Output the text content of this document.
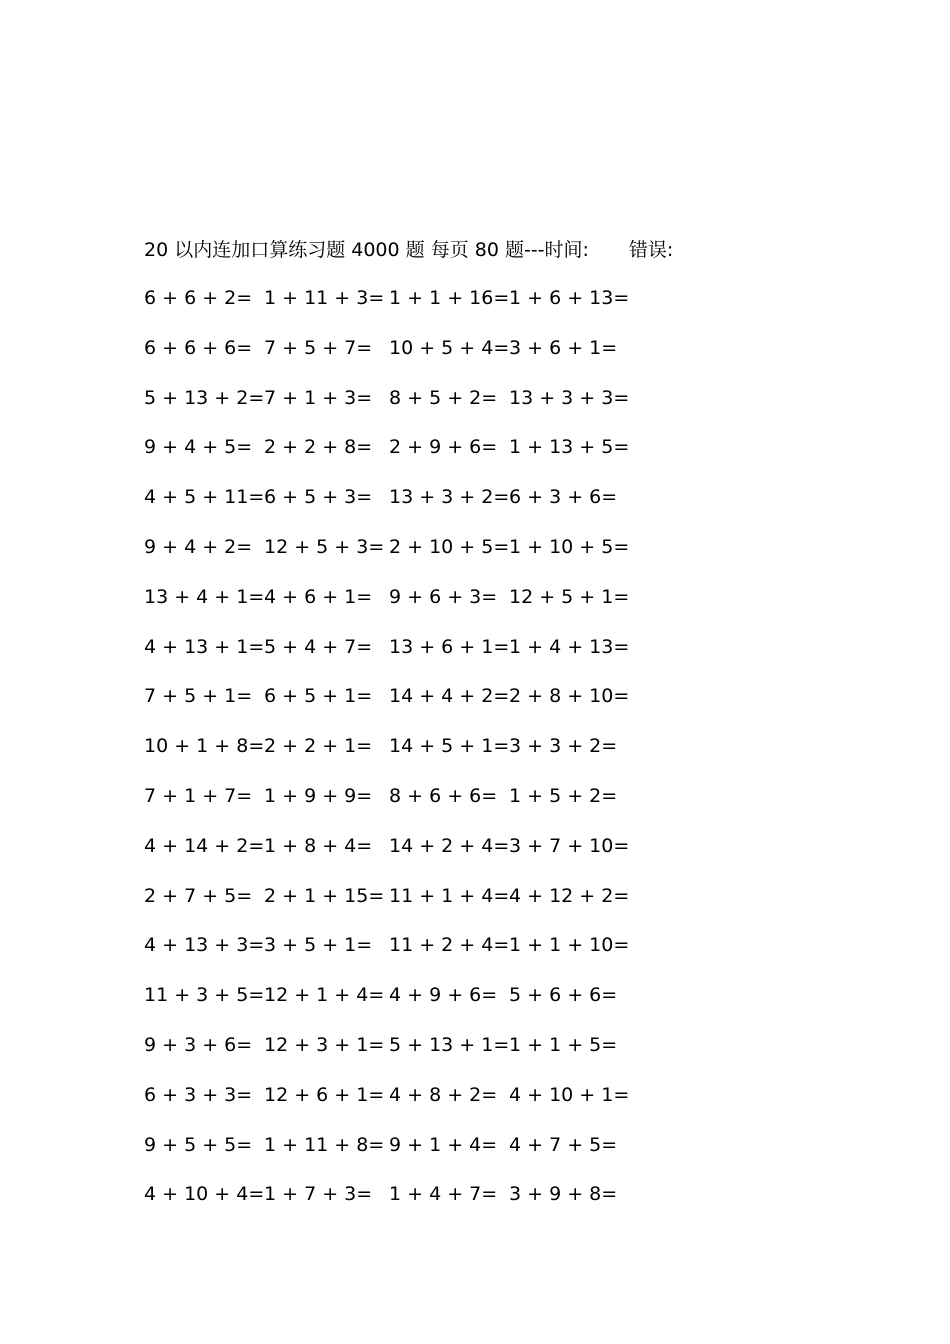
20 以内连加口算练习题 4000 题 每页 80 题---时间: 错误:
6 + 6 + 2= 1 + 11 + 3= 1 + 1 + 16= 1 + 6 + 13=
6 + 6 + 6= 7 + 5 + 7= 10 + 5 + 4= 3 + 6 + 1=
5 + 13 + 2= 7 + 1 + 3= 8 + 5 + 2= 13 + 3 + 3=
9 + 4 + 5= 2 + 2 + 8= 2 + 9 + 6= 1 + 13 + 5=
4 + 5 + 11= 6 + 5 + 3= 13 + 3 + 2= 6 + 3 + 6=
9 + 4 + 2= 12 + 5 + 3= 2 + 10 + 5= 1 + 10 + 5=
13 + 4 + 1= 4 + 6 + 1= 9 + 6 + 3= 12 + 5 + 1=
4 + 13 + 1= 5 + 4 + 7= 13 + 6 + 1= 1 + 4 + 13=
7 + 5 + 1= 6 + 5 + 1= 14 + 4 + 2= 2 + 8 + 10=
10 + 1 + 8= 2 + 2 + 1= 14 + 5 + 1= 3 + 3 + 2=
7 + 1 + 7= 1 + 9 + 9= 8 + 6 + 6= 1 + 5 + 2=
4 + 14 + 2= 1 + 8 + 4= 14 + 2 + 4= 3 + 7 + 10=
2 + 7 + 5= 2 + 1 + 15= 11 + 1 + 4= 4 + 12 + 2=
4 + 13 + 3= 3 + 5 + 1= 11 + 2 + 4= 1 + 1 + 10=
11 + 3 + 5= 12 + 1 + 4= 4 + 9 + 6= 5 + 6 + 6=
9 + 3 + 6= 12 + 3 + 1= 5 + 13 + 1= 1 + 1 + 5=
6 + 3 + 3= 12 + 6 + 1= 4 + 8 + 2= 4 + 10 + 1=
9 + 5 + 5= 1 + 11 + 8= 9 + 1 + 4= 4 + 7 + 5=
4 + 10 + 4= 1 + 7 + 3= 1 + 4 + 7= 3 + 9 + 8=
